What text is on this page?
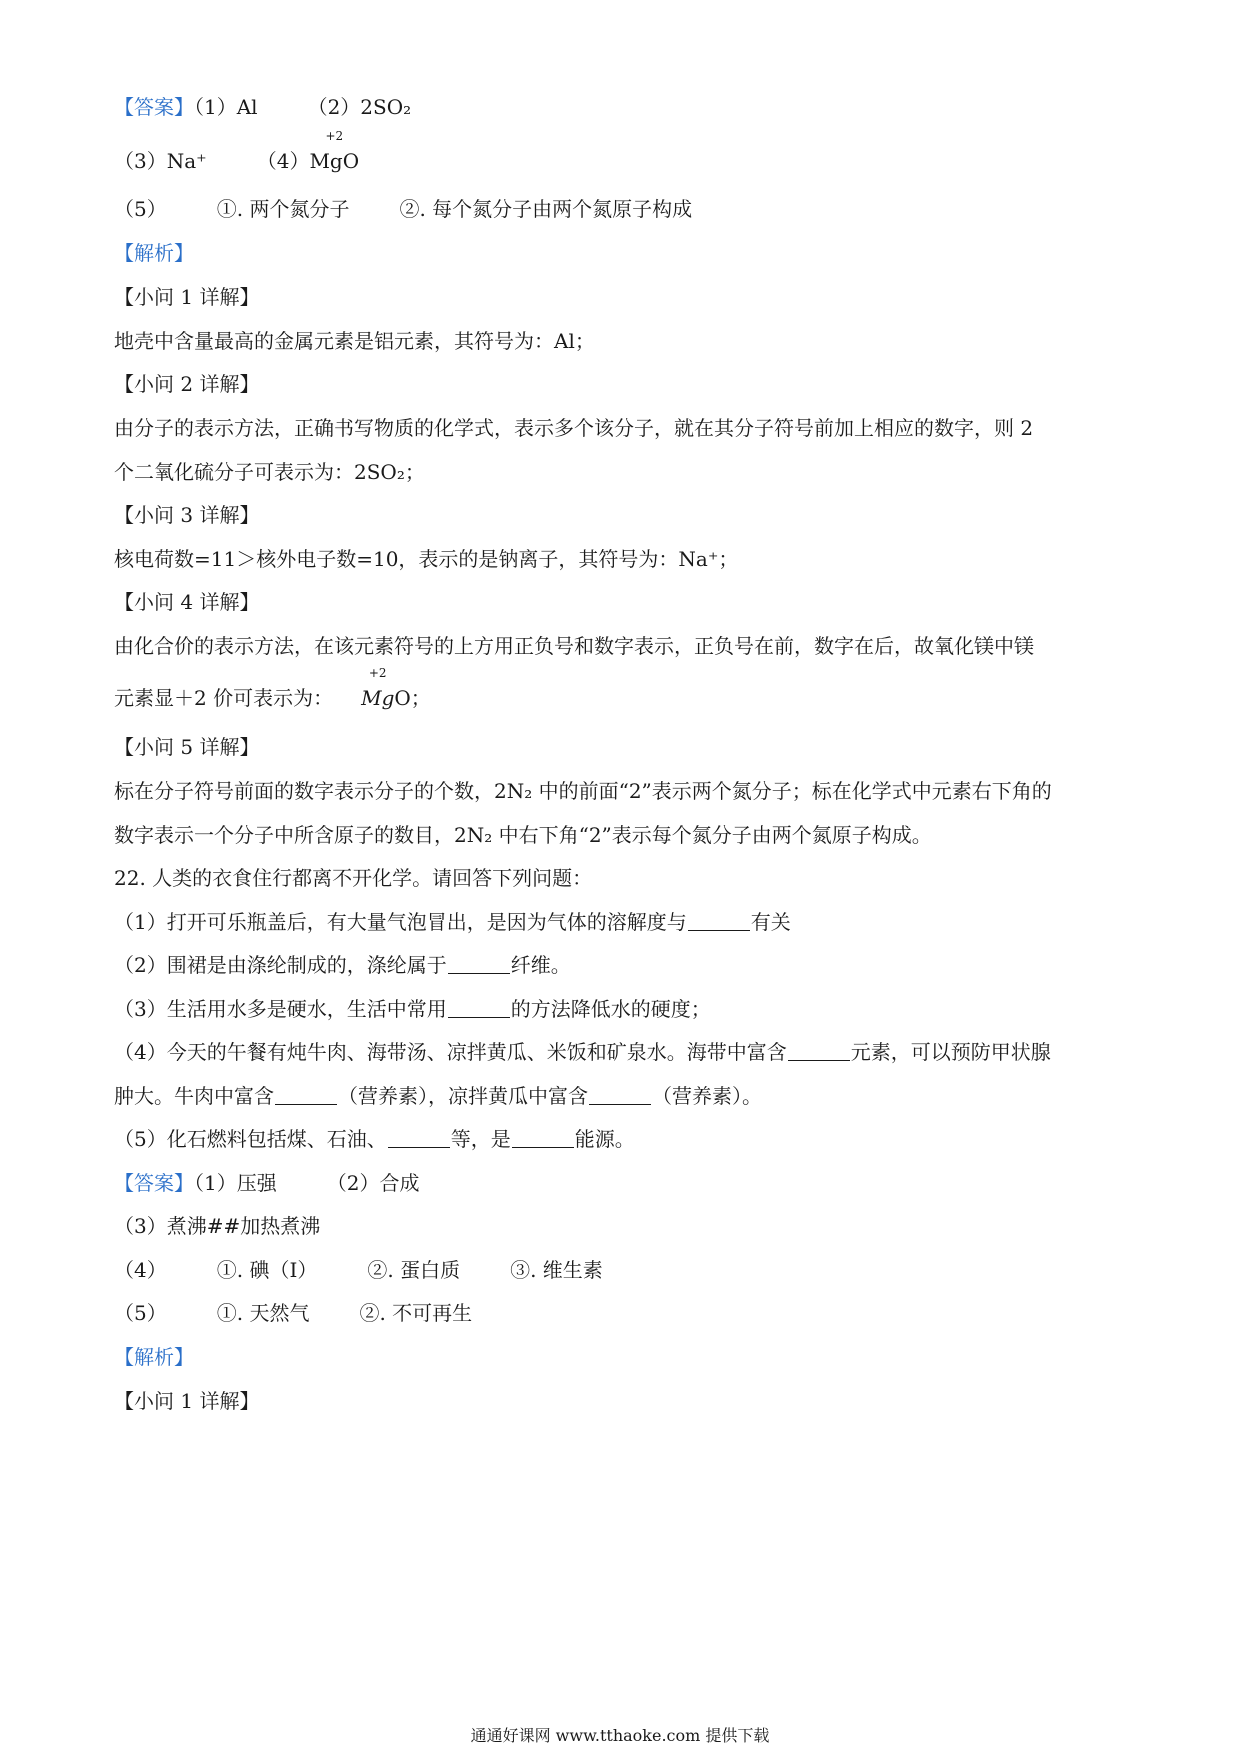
【答案】（1）Al	（2）2SO₂
（3）Na⁺	（4）
+2
MgO
（5）	①. 两个氮分子	②. 每个氮分子由两个氮原子构成
【解析】
【小问 1 详解】
地壳中含量最高的金属元素是铝元素，其符号为：Al；
【小问 2 详解】
由分子的表示方法，正确书写物质的化学式，表示多个该分子，就在其分子符号前加上相应的数字，则 2
个二氧化硫分子可表示为：2SO₂；
【小问 3 详解】
核电荷数=11＞核外电子数=10，表示的是钠离子，其符号为：Na⁺；
【小问 4 详解】
由化合价的表示方法，在该元素符号的上方用正负号和数字表示，正负号在前，数字在后，故氧化镁中镁
元素显＋2 价可表示为：
+2
MgO；
【小问 5 详解】
标在分子符号前面的数字表示分子的个数，2N₂ 中的前面“2”表示两个氮分子；标在化学式中元素右下角的
数字表示一个分子中所含原子的数目，2N₂ 中右下角“2”表示每个氮分子由两个氮原子构成。
22. 人类的衣食住行都离不开化学。请回答下列问题：
（1）打开可乐瓶盖后，有大量气泡冒出，是因为气体的溶解度与	有关
（2）围裙是由涤纶制成的，涤纶属于	纤维。
（3）生活用水多是硬水，生活中常用	的方法降低水的硬度；
（4）今天的午餐有炖牛肉、海带汤、凉拌黄瓜、米饭和矿泉水。海带中富含	元素，可以预防甲状腺
肿大。牛肉中富含	（营养素），凉拌黄瓜中富含	（营养素）。
（5）化石燃料包括煤、石油、	等，是	能源。
【答案】（1）压强	（2）合成
（3）煮沸##加热煮沸
（4）	①. 碘（I）	②. 蛋白质	③. 维生素
（5）	①. 天然气	②. 不可再生
【解析】
【小问 1 详解】
通通好课网 www.tthaoke.com 提供下载
